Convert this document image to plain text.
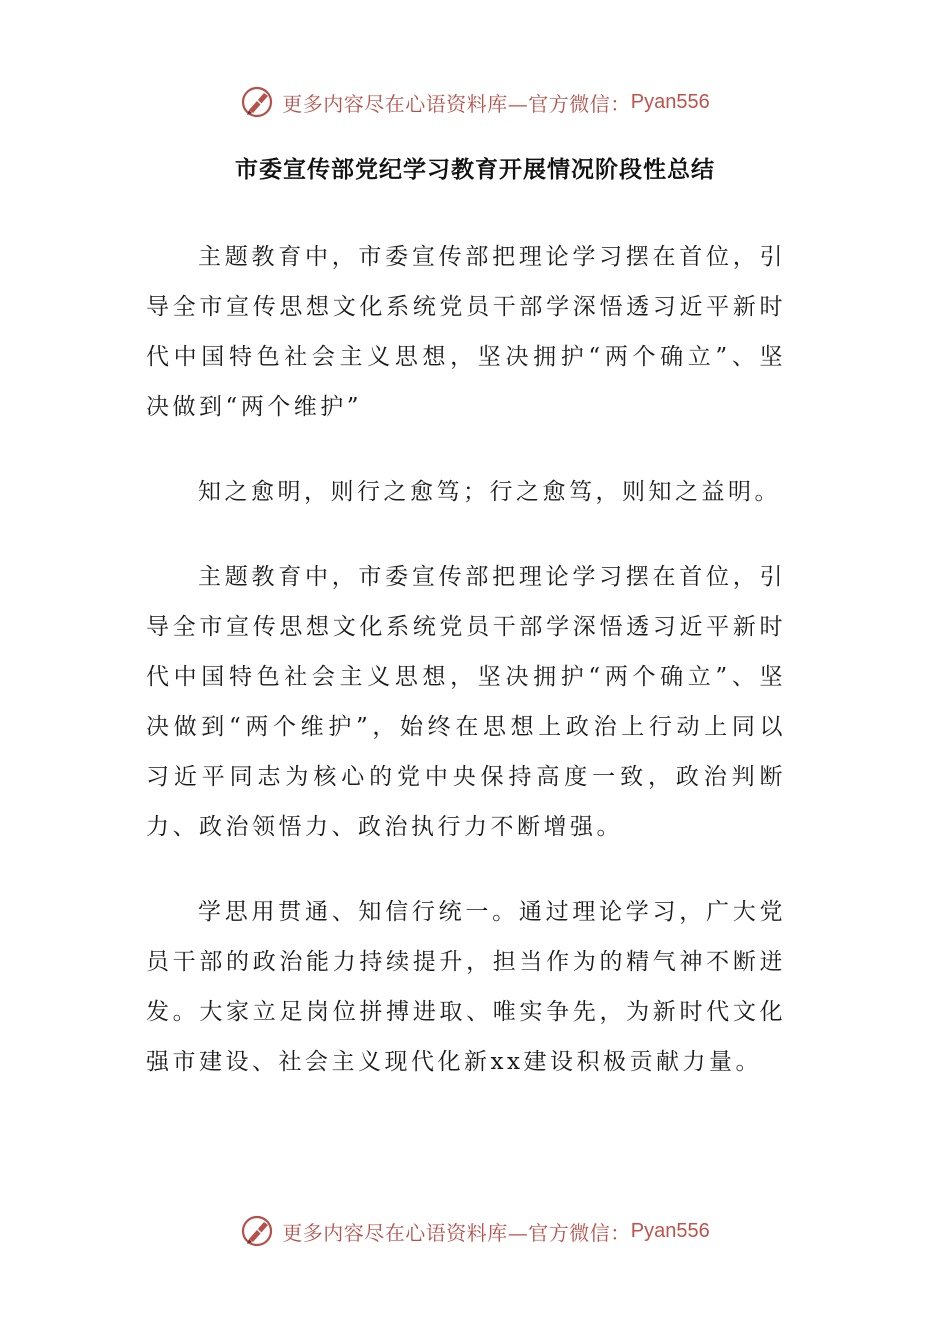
更多内容尽在心语资料库—官方微信： Pyan556
市委宣传部党纪学习教育开展情况阶段性总结

主题教育中，市委宣传部把理论学习摆在首位，引导全市宣传思想文化系统党员干部学深悟透习近平新时代中国特色社会主义思想，坚决拥护“两个确立”、坚决做到“两个维护”

知之愈明，则行之愈笃；行之愈笃，则知之益明。

主题教育中，市委宣传部把理论学习摆在首位，引导全市宣传思想文化系统党员干部学深悟透习近平新时代中国特色社会主义思想，坚决拥护“两个确立”、坚决做到“两个维护”，始终在思想上政治上行动上同以习近平同志为核心的党中央保持高度一致，政治判断力、政治领悟力、政治执行力不断增强。

学思用贯通、知信行统一。通过理论学习，广大党员干部的政治能力持续提升，担当作为的精气神不断迸发。大家立足岗位拼搏进取、唯实争先，为新时代文化强市建设、社会主义现代化新xx建设积极贡献力量。

更多内容尽在心语资料库—官方微信： Pyan556
